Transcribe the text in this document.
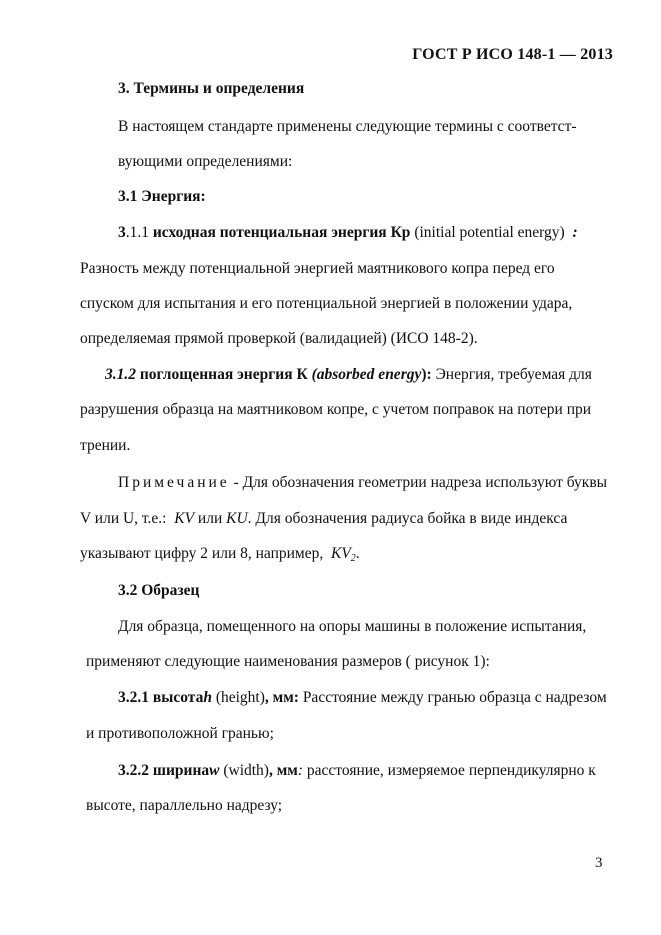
ГОСТ Р ИСО 148-1 — 2013
3. Термины и определения
В настоящем стандарте применены следующие термины с соответст-
вующими определениями:
3.1 Энергия:
3.1.1 исходная потенциальная энергия Кр (initial potential energy) :
Разность между потенциальной энергией маятникового копра перед его
спуском для испытания и его потенциальной энергией в положении удара,
определяемая прямой проверкой (валидацией) (ИСО 148-2).
3.1.2 поглощенная энергия К (absorbed energy): Энергия, требуемая для
разрушения образца на маятниковом копре, с учетом поправок на потери при
трении.
Примечание - Для обозначения геометрии надреза используют буквы
V или U, т.е.: KV или KU. Для обозначения радиуса бойка в виде индекса
указывают цифру 2 или 8, например, $KV_2$.
3.2 Образец
Для образца, помещенного на опоры машины в положение испытания,
применяют следующие наименования размеров ( рисунок 1):
3.2.1 высотаh (height), мм: Расстояние между гранью образца с надрезом
и противоположной гранью;
3.2.2 ширинаw (width), мм: расстояние, измеряемое перпендикулярно к
высоте, параллельно надрезу;
3
